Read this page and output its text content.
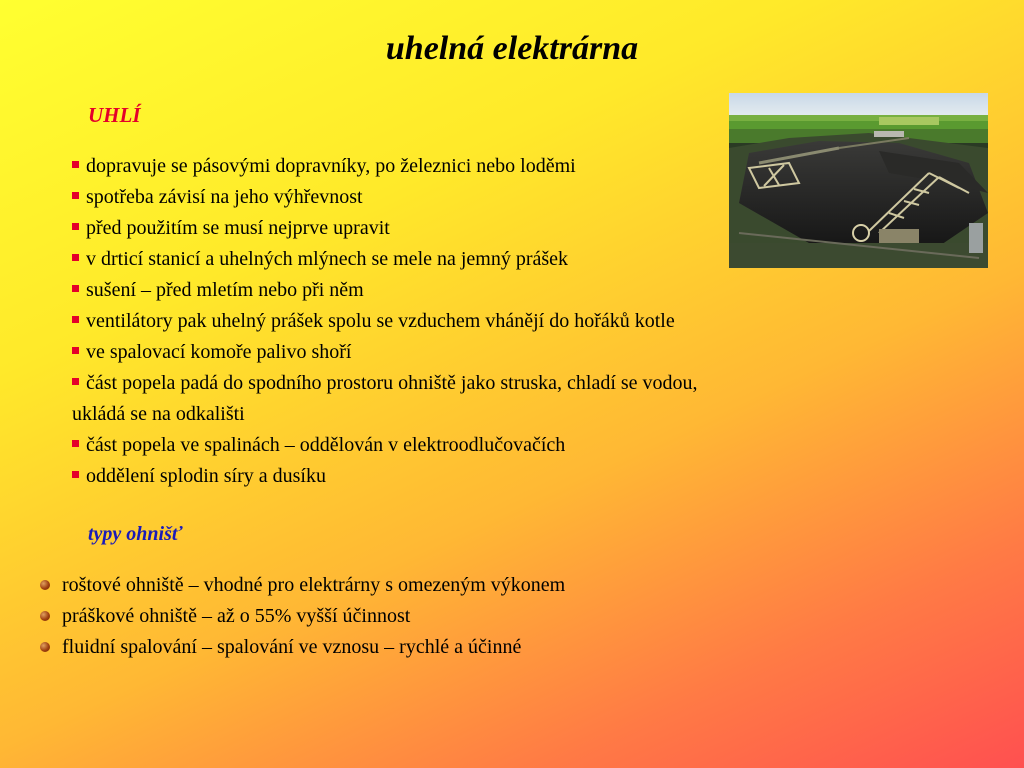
uhelná elektrárna
UHLÍ
dopravuje se pásovými dopravníky, po železnici nebo loděmi
spotřeba závisí na jeho výhřevnost
před použitím se musí nejprve upravit
v drticí stanicí a uhelných mlýnech se mele na jemný prášek
sušení – před mletím nebo při něm
ventilátory pak uhelný prášek spolu se vzduchem vhánějí do hořáků kotle
ve spalovací komoře palivo shoří
část popela padá do spodního prostoru ohniště jako struska, chladí se vodou,
ukládá se na odkališti
část popela ve spalinách – oddělován v elektroodlučovačích
oddělení splodin síry a dusíku
typy ohnišť
roštové ohniště – vhodné pro elektrárny s omezeným výkonem
práškové ohniště – až o 55% vyšší účinnost
fluidní spalování – spalování ve vznosu – rychlé a účinné
